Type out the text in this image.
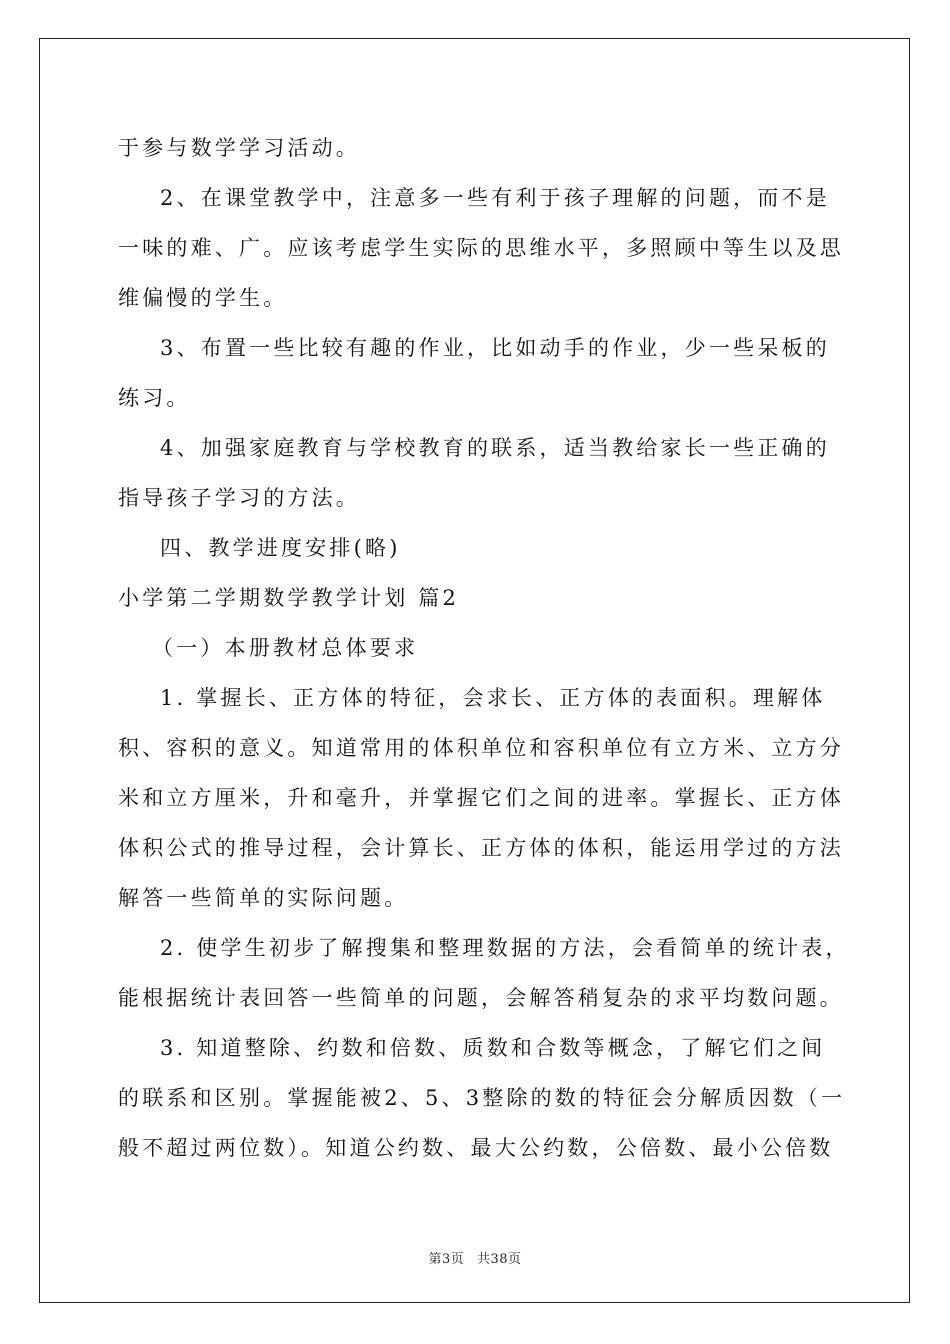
于参与数学学习活动。
2、在课堂教学中，注意多一些有利于孩子理解的问题，而不是
一味的难、广。应该考虑学生实际的思维水平，多照顾中等生以及思
维偏慢的学生。
3、布置一些比较有趣的作业，比如动手的作业，少一些呆板的
练习。
4、加强家庭教育与学校教育的联系，适当教给家长一些正确的
指导孩子学习的方法。
四、教学进度安排(略)
小学第二学期数学教学计划 篇2
（一）本册教材总体要求
1. 掌握长、正方体的特征，会求长、正方体的表面积。理解体
积、容积的意义。知道常用的体积单位和容积单位有立方米、立方分
米和立方厘米，升和毫升，并掌握它们之间的进率。掌握长、正方体
体积公式的推导过程，会计算长、正方体的体积，能运用学过的方法
解答一些简单的实际问题。
2. 使学生初步了解搜集和整理数据的方法，会看简单的统计表，
能根据统计表回答一些简单的问题，会解答稍复杂的求平均数问题。
3. 知道整除、约数和倍数、质数和合数等概念，了解它们之间
的联系和区别。掌握能被2、5、3整除的数的特征会分解质因数（一
般不超过两位数）。知道公约数、最大公约数，公倍数、最小公倍数
第3页 共38页
